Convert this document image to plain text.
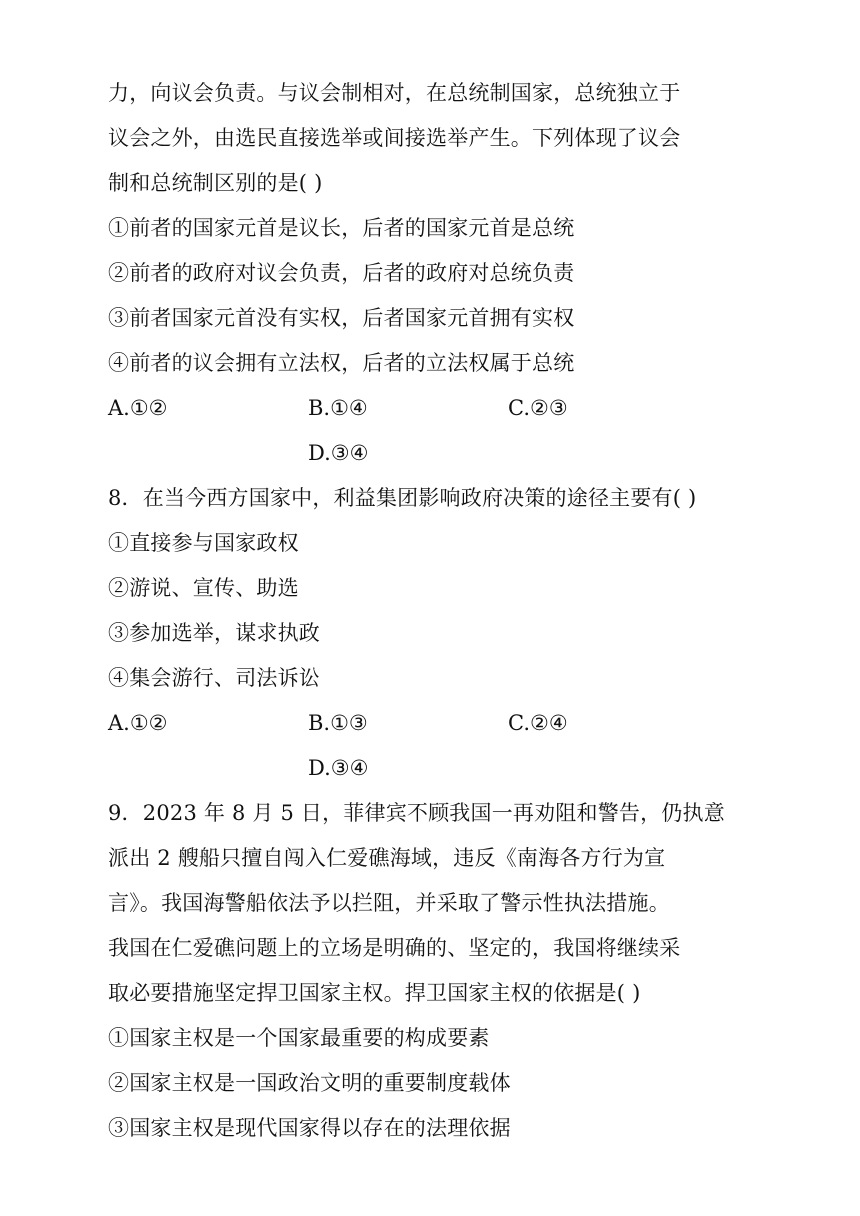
力，向议会负责。与议会制相对，在总统制国家，总统独立于
议会之外，由选民直接选举或间接选举产生。下列体现了议会
制和总统制区别的是( )
①前者的国家元首是议长，后者的国家元首是总统
②前者的政府对议会负责，后者的政府对总统负责
③前者国家元首没有实权，后者国家元首拥有实权
④前者的议会拥有立法权，后者的立法权属于总统
A.①②	B.①④	C.②③
D.③④
8．在当今西方国家中，利益集团影响政府决策的途径主要有( )
①直接参与国家政权
②游说、宣传、助选
③参加选举，谋求执政
④集会游行、司法诉讼
A.①②	B.①③	C.②④
D.③④
9．2023 年 8 月 5 日，菲律宾不顾我国一再劝阻和警告，仍执意
派出 2 艘船只擅自闯入仁爱礁海域，违反《南海各方行为宣
言》。我国海警船依法予以拦阻，并采取了警示性执法措施。
我国在仁爱礁问题上的立场是明确的、坚定的，我国将继续采
取必要措施坚定捍卫国家主权。捍卫国家主权的依据是( )
①国家主权是一个国家最重要的构成要素
②国家主权是一国政治文明的重要制度载体
③国家主权是现代国家得以存在的法理依据
